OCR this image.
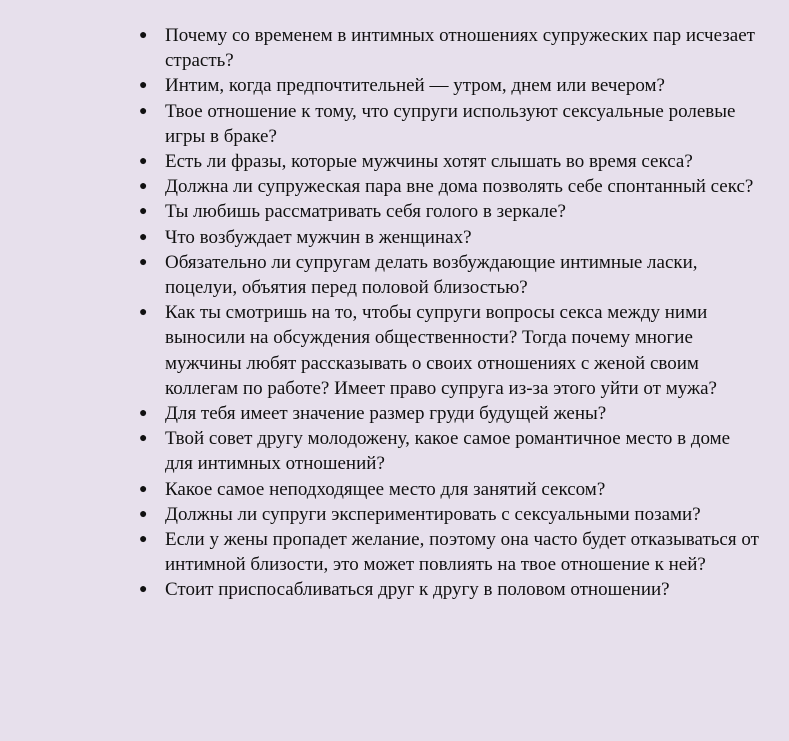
● Почему со временем в интимных отношениях супружеских пар исчезает страсть?
● Интим, когда предпочтительней — утром, днем или вечером?
● Твое отношение к тому, что супруги используют сексуальные ролевые игры в браке?
● Есть ли фразы, которые мужчины хотят слышать во время секса?
● Должна ли супружеская пара вне дома позволять себе спонтанный секс?
● Ты любишь рассматривать себя голого в зеркале?
● Что возбуждает мужчин в женщинах?
● Обязательно ли супругам делать возбуждающие интимные ласки, поцелуи, объятия перед половой близостью?
● Как ты смотришь на то, чтобы супруги вопросы секса между ними выносили на обсуждения общественности? Тогда почему многие мужчины любят рассказывать о своих отношениях с женой своим коллегам по работе? Имеет право супруга из-за этого уйти от мужа?
● Для тебя имеет значение размер груди будущей жены?
● Твой совет другу молодожену, какое самое романтичное место в доме для интимных отношений?
● Какое самое неподходящее место для занятий сексом?
● Должны ли супруги экспериментировать с сексуальными позами?
● Если у жены пропадет желание, поэтому она часто будет отказываться от интимной близости, это может повлиять на твое отношение к ней?
● Стоит приспосабливаться друг к другу в половом отношении?
